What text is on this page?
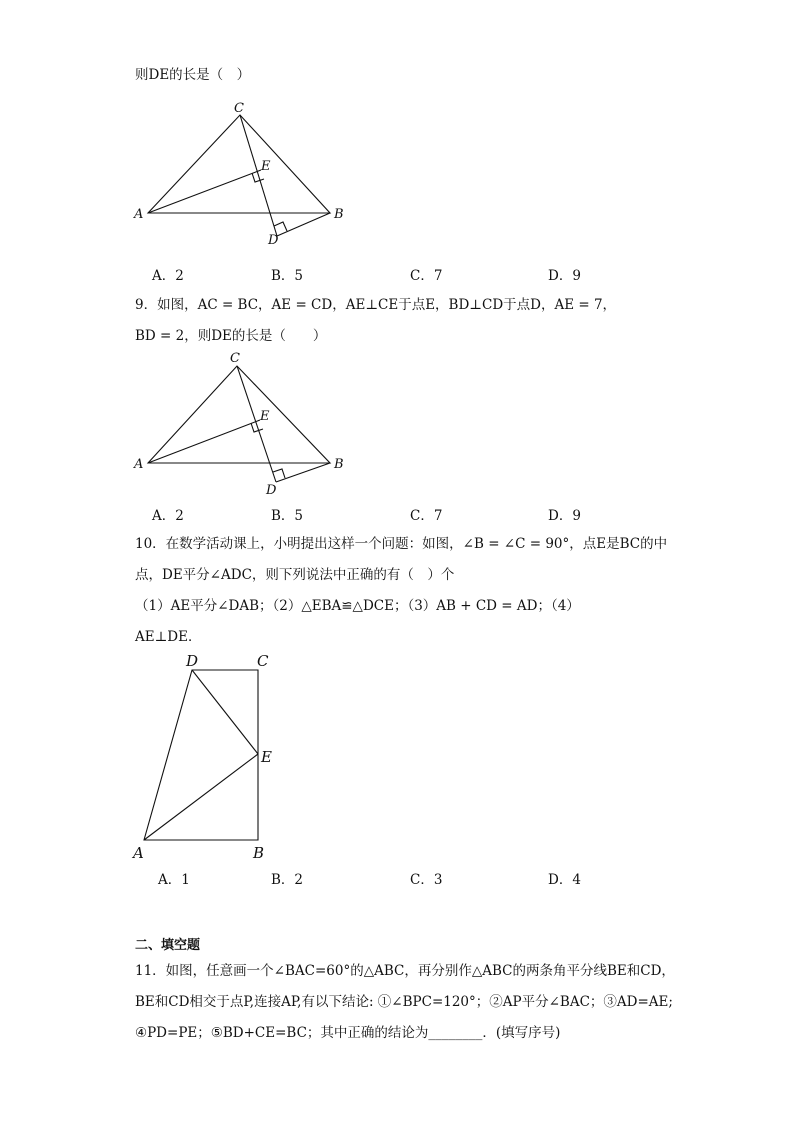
则DE的长是（　）
A	B
C
D
E
A．2	B．5	C．7	D．9
9．如图，AC = BC，AE = CD，AE⊥CE于点E，BD⊥CD于点D，AE = 7，
BD = 2，则DE的长是（　　）
A	B
C
D
E
A．2	B．5	C．7	D．9
10．在数学活动课上，小明提出这样一个问题：如图，∠B = ∠C = 90°，点E是BC的中
点，DE平分∠ADC，则下列说法中正确的有（　）个
（1）AE平分∠DAB；（2）△EBA≌△DCE；（3）AB + CD = AD；（4）
AE⊥DE．
D	C
E
A	B
A．1	B．2	C．3	D．4
二、填空题
11．如图，任意画一个∠BAC=60°的△ABC，再分别作△ABC的两条角平分线BE和CD，
BE和CD相交于点P,连接AP,有以下结论: ①∠BPC=120°；②AP平分∠BAC；③AD=AE;
④PD=PE；⑤BD+CE=BC；其中正确的结论为________．(填写序号)
